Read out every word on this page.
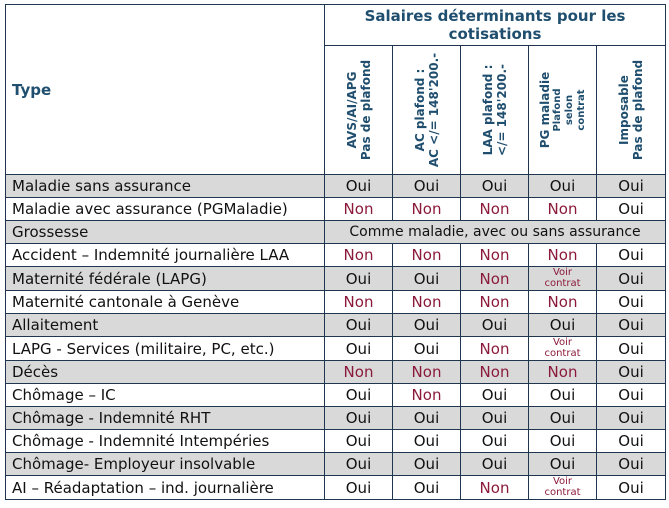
Type	Salaires déterminants pour les cotisations				

	AVS/AI/APG Pas de plafond	AC plafond : AC </= 148'200.-	LAA plafond : </= 148'200.-	PG maladie Plafond selon contrat	Imposable Pas de plafond

Maladie sans assurance	Oui	Oui	Oui	Oui	Oui
Maladie avec assurance (PGMaladie)	Non	Non	Non	Non	Oui
Grossesse	Comme maladie, avec ou sans assurance				
Accident – Indemnité journalière LAA	Non	Non	Non	Non	Oui
Maternité fédérale (LAPG)	Oui	Oui	Non	Voir contrat	Oui
Maternité cantonale à Genève	Non	Non	Non	Non	Oui
Allaitement	Oui	Oui	Oui	Oui	Oui
LAPG - Services (militaire, PC, etc.)	Oui	Oui	Non	Voir contrat	Oui
Décès	Non	Non	Non	Non	Oui
Chômage – IC	Oui	Non	Oui	Oui	Oui
Chômage - Indemnité RHT	Oui	Oui	Oui	Oui	Oui
Chômage - Indemnité Intempéries	Oui	Oui	Oui	Oui	Oui
Chômage- Employeur insolvable	Oui	Oui	Oui	Oui	Oui
AI – Réadaptation – ind. journalière	Oui	Oui	Non	Voir contrat	Oui
